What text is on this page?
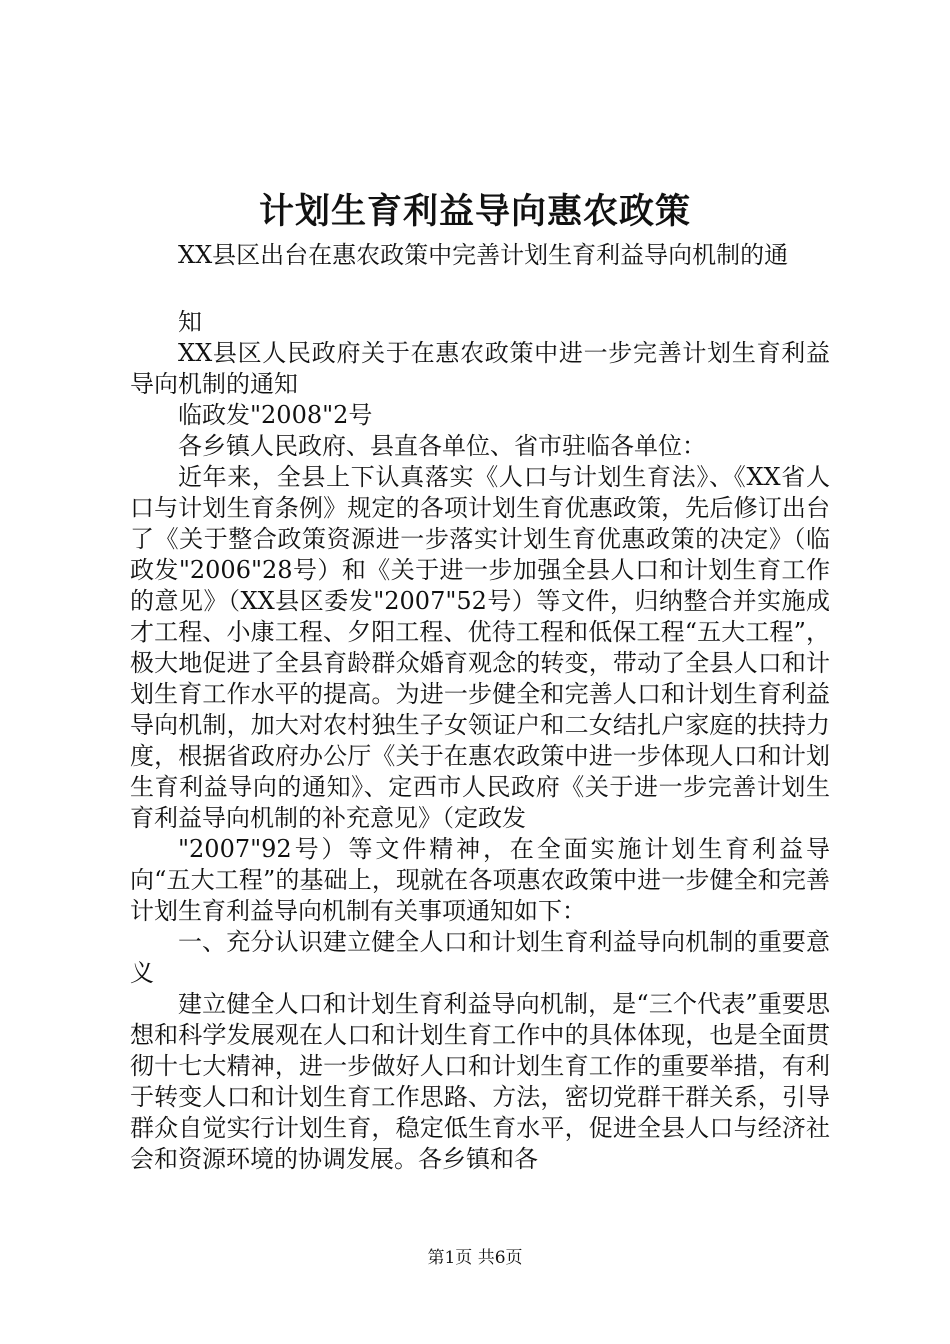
计划生育利益导向惠农政策

XX县区出台在惠农政策中完善计划生育利益导向机制的通

知

XX县区人民政府关于在惠农政策中进一步完善计划生育利益导向机制的通知

临政发"2008"2号

各乡镇人民政府、县直各单位、省市驻临各单位：

近年来，全县上下认真落实《人口与计划生育法》、《XX省人口与计划生育条例》规定的各项计划生育优惠政策，先后修订出台了《关于整合政策资源进一步落实计划生育优惠政策的决定》（临政发"2006"28号）和《关于进一步加强全县人口和计划生育工作的意见》（XX县区委发"2007"52号）等文件，归纳整合并实施成才工程、小康工程、夕阳工程、优待工程和低保工程“五大工程”，极大地促进了全县育龄群众婚育观念的转变，带动了全县人口和计划生育工作水平的提高。为进一步健全和完善人口和计划生育利益导向机制，加大对农村独生子女领证户和二女结扎户家庭的扶持力度，根据省政府办公厅《关于在惠农政策中进一步体现人口和计划生育利益导向的通知》、定西市人民政府《关于进一步完善计划生育利益导向机制的补充意见》（定政发

"2007"92号）等文件精神，在全面实施计划生育利益导向“五大工程”的基础上，现就在各项惠农政策中进一步健全和完善计划生育利益导向机制有关事项通知如下：

一、充分认识建立健全人口和计划生育利益导向机制的重要意义

建立健全人口和计划生育利益导向机制，是“三个代表”重要思想和科学发展观在人口和计划生育工作中的具体体现，也是全面贯彻十七大精神，进一步做好人口和计划生育工作的重要举措，有利于转变人口和计划生育工作思路、方法，密切党群干群关系，引导群众自觉实行计划生育，稳定低生育水平，促进全县人口与经济社会和资源环境的协调发展。各乡镇和各

第1页 共6页
